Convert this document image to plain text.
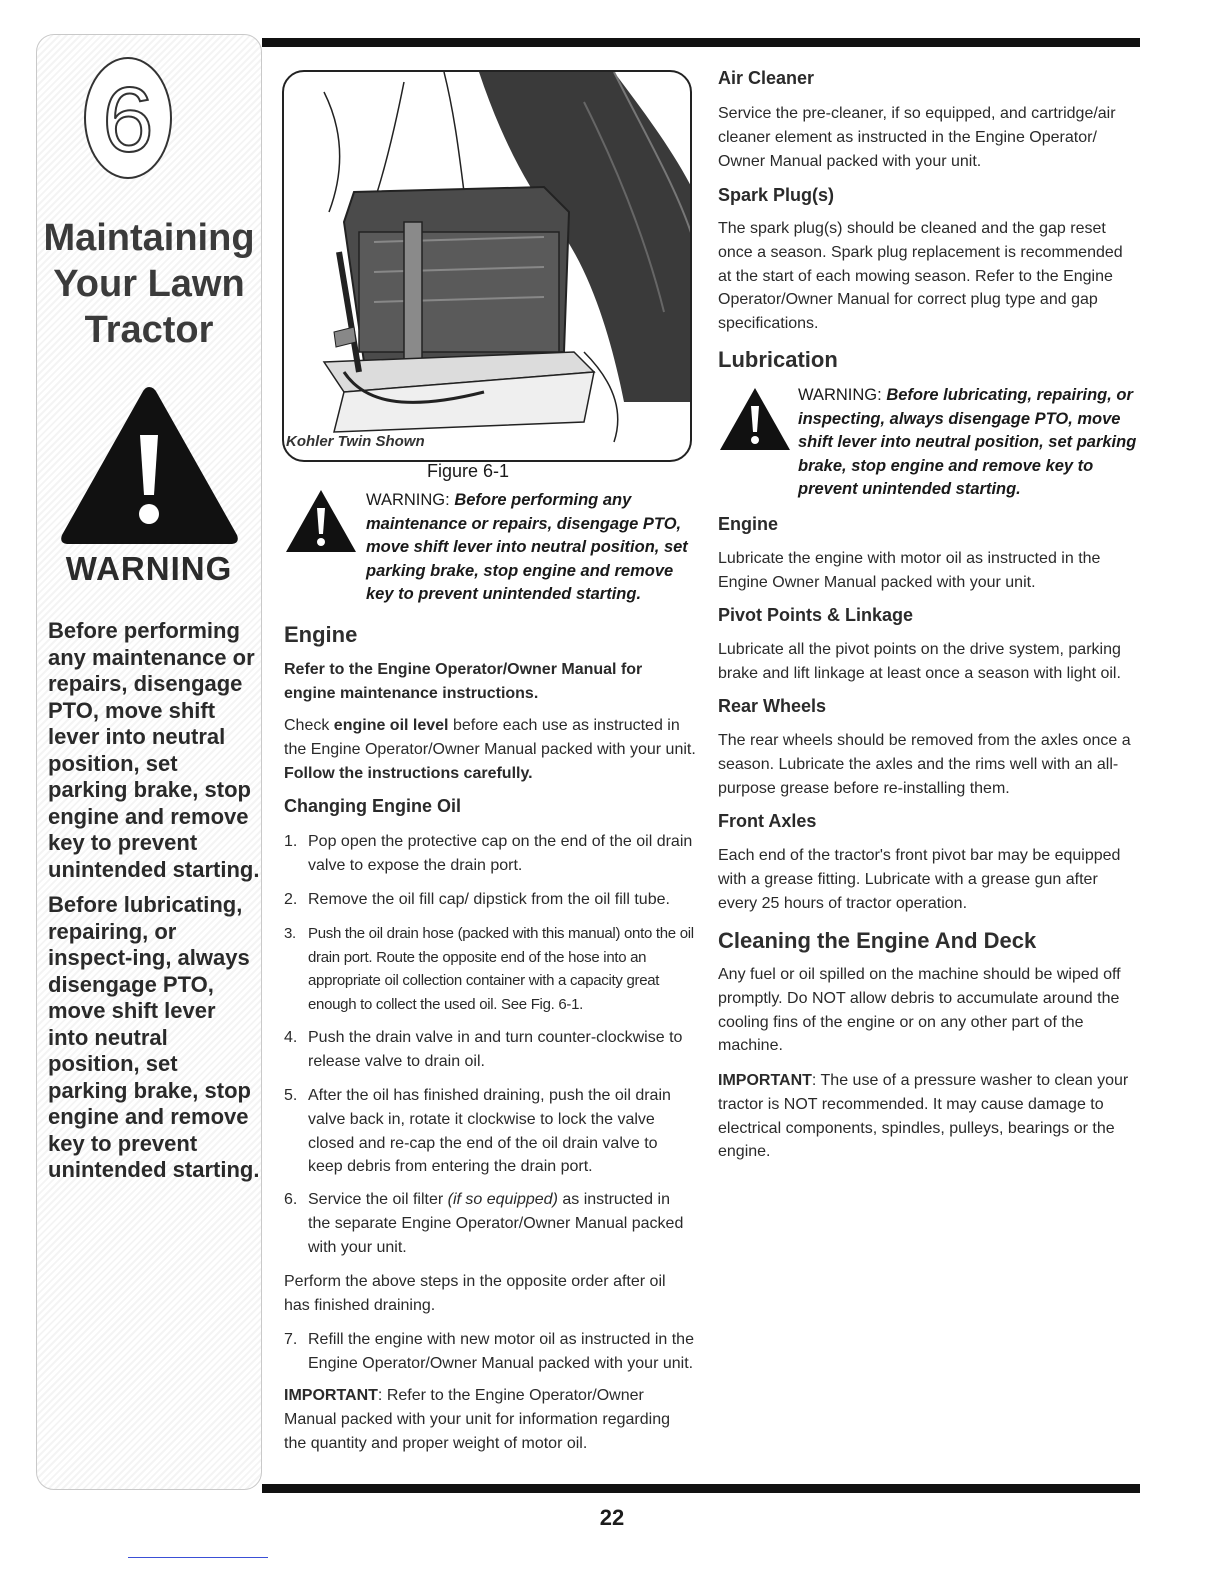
22
6
Maintaining
Your Lawn
Tractor
WARNING

Before performing any maintenance or repairs, disengage PTO, move shift lever into neutral position, set parking brake, stop engine and remove key to prevent unintended starting.

Before lubricating, repairing, or inspect-ing, always disengage PTO, move shift lever into neutral position, set parking brake, stop engine and remove key to prevent unintended starting.

Kohler Twin Shown
Figure 6-1

WARNING: Before performing any maintenance or repairs, disengage PTO, move shift lever into neutral position, set parking brake, stop engine and remove key to prevent unintended starting.

Engine

Refer to the Engine Operator/Owner Manual for engine maintenance instructions.

Check engine oil level before each use as instructed in the Engine Operator/Owner Manual packed with your unit. Follow the instructions carefully.

Changing Engine Oil
1. Pop open the protective cap on the end of the oil drain valve to expose the drain port.
2. Remove the oil fill cap/ dipstick from the oil fill tube.
3. Push the oil drain hose (packed with this manual) onto the oil drain port. Route the opposite end of the hose into an appropriate oil collection container with a capacity great enough to collect the used oil. See Fig. 6-1.
4. Push the drain valve in and turn counter-clockwise to release valve to drain oil.
5. After the oil has finished draining, push the oil drain valve back in, rotate it clockwise to lock the valve closed and re-cap the end of the oil drain valve to keep debris from entering the drain port.
6. Service the oil filter (if so equipped) as instructed in the separate Engine Operator/Owner Manual packed with your unit.

Perform the above steps in the opposite order after oil has finished draining.

7. Refill the engine with new motor oil as instructed in the Engine Operator/Owner Manual packed with your unit.

IMPORTANT: Refer to the Engine Operator/Owner Manual packed with your unit for information regarding the quantity and proper weight of motor oil.

Air Cleaner

Service the pre-cleaner, if so equipped, and cartridge/air cleaner element as instructed in the Engine Operator/ Owner Manual packed with your unit.

Spark Plug(s)

The spark plug(s) should be cleaned and the gap reset once a season. Spark plug replacement is recommended at the start of each mowing season. Refer to the Engine Operator/Owner Manual for correct plug type and gap specifications.

Lubrication

WARNING: Before lubricating, repairing, or inspecting, always disengage PTO, move shift lever into neutral position, set parking brake, stop engine and remove key to prevent unintended starting.

Engine

Lubricate the engine with motor oil as instructed in the Engine Owner Manual packed with your unit.

Pivot Points & Linkage

Lubricate all the pivot points on the drive system, parking brake and lift linkage at least once a season with light oil.

Rear Wheels

The rear wheels should be removed from the axles once a season. Lubricate the axles and the rims well with an all-purpose grease before re-installing them.

Front Axles

Each end of the tractor's front pivot bar may be equipped with a grease fitting. Lubricate with a grease gun after every 25 hours of tractor operation.

Cleaning the Engine And Deck

Any fuel or oil spilled on the machine should be wiped off promptly. Do NOT allow debris to accumulate around the cooling fins of the engine or on any other part of the machine.

IMPORTANT: The use of a pressure washer to clean your tractor is NOT recommended. It may cause damage to electrical components, spindles, pulleys, bearings or the engine.
